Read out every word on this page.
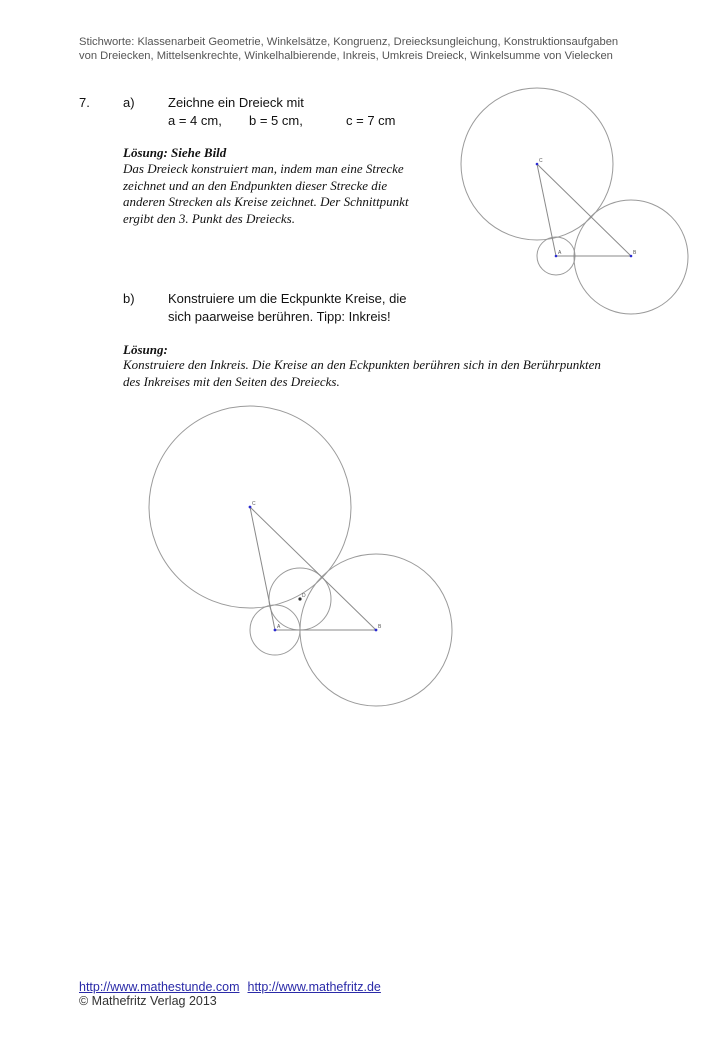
Stichworte: Klassenarbeit Geometrie, Winkelsätze, Kongruenz, Dreiecksungleichung, Konstruktionsaufgaben
von Dreiecken, Mittelsenkrechte, Winkelhalbierende, Inkreis, Umkreis Dreieck, Winkelsumme von Vielecken
7.	a)	Zeichne ein Dreieck mit
a = 4 cm, b = 5 cm,	c = 7 cm
Lösung: Siehe Bild
Das Dreieck konstruiert man, indem man eine Strecke
zeichnet und an den Endpunkten dieser Strecke die
anderen Strecken als Kreise zeichnet. Der Schnittpunkt
ergibt den 3. Punkt des Dreiecks.
A	B
C
b)	Konstruiere um die Eckpunkte Kreise, die
sich paarweise berühren. Tipp: Inkreis!
Lösung:
Konstruiere den Inkreis. Die Kreise an den Eckpunkten berühren sich in den Berührpunkten
des Inkreises mit den Seiten des Dreiecks.
A	B
C
D
http://www.mathestunde.com http://www.mathefritz.de
© Mathefritz Verlag 2013
